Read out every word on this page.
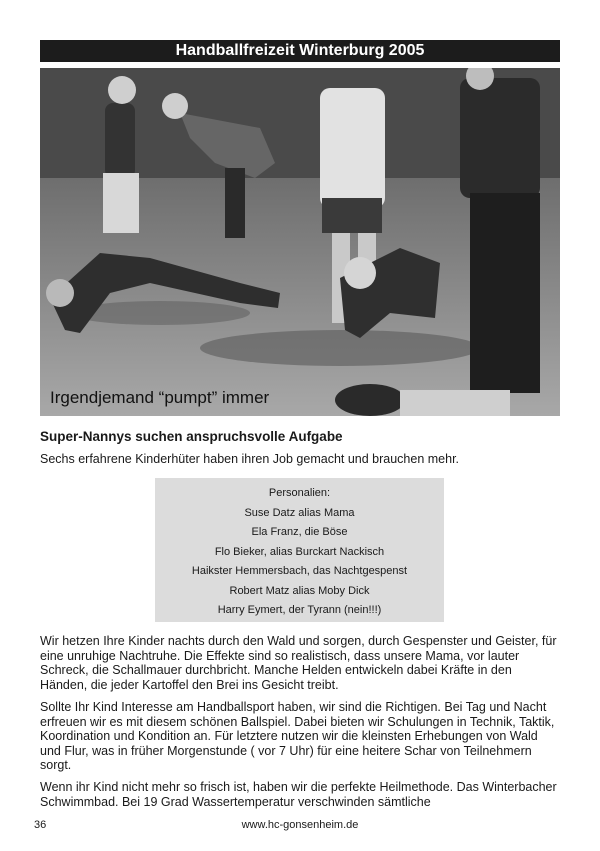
Handballfreizeit Winterburg 2005
Irgendjemand “pumpt” immer
Super-Nannys suchen anspruchsvolle Aufgabe
Sechs erfahrene Kinderhüter haben ihren Job gemacht und brauchen mehr.
Personalien:
Suse Datz alias Mama
Ela Franz, die Böse
Flo Bieker, alias Burckart Nackisch
Haikster Hemmersbach, das Nachtgespenst
Robert Matz alias Moby Dick
Harry Eymert, der Tyrann (nein!!!)
Wir hetzen Ihre Kinder nachts durch den Wald und sorgen, durch Gespenster und Geister, für eine unruhige Nachtruhe. Die Effekte sind so realistisch, dass unsere Mama, vor lauter Schreck, die Schallmauer durchbricht. Manche Helden entwickeln dabei Kräfte in den Händen, die jeder Kartoffel den Brei ins Gesicht treibt.
Sollte Ihr Kind Interesse am Handballsport haben, wir sind die Richtigen. Bei Tag und Nacht erfreuen wir es mit diesem schönen Ballspiel. Dabei bieten wir Schulungen in Technik, Taktik, Koordination und Kondition an. Für letztere nutzen wir die kleinsten Erhebungen von Wald und Flur, was in früher Morgenstunde ( vor 7 Uhr) für eine heitere Schar von Teilnehmern sorgt.
Wenn ihr Kind nicht mehr so frisch ist, haben wir die perfekte Heilmethode. Das Winterbacher Schwimmbad. Bei 19 Grad Wassertemperatur verschwinden sämtliche
36	www.hc-gonsenheim.de
